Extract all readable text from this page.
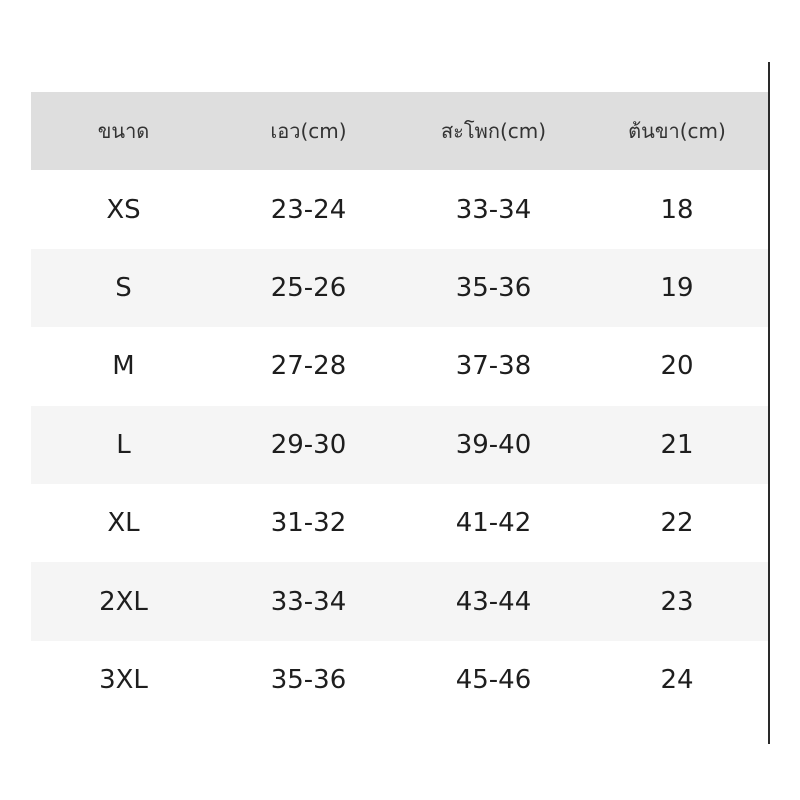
ขนาด	เอว(cm)	สะโพก(cm)	ต้นขา(cm)
XS	23-24	33-34	18
S	25-26	35-36	19
M	27-28	37-38	20
L	29-30	39-40	21
XL	31-32	41-42	22
2XL	33-34	43-44	23
3XL	35-36	45-46	24
